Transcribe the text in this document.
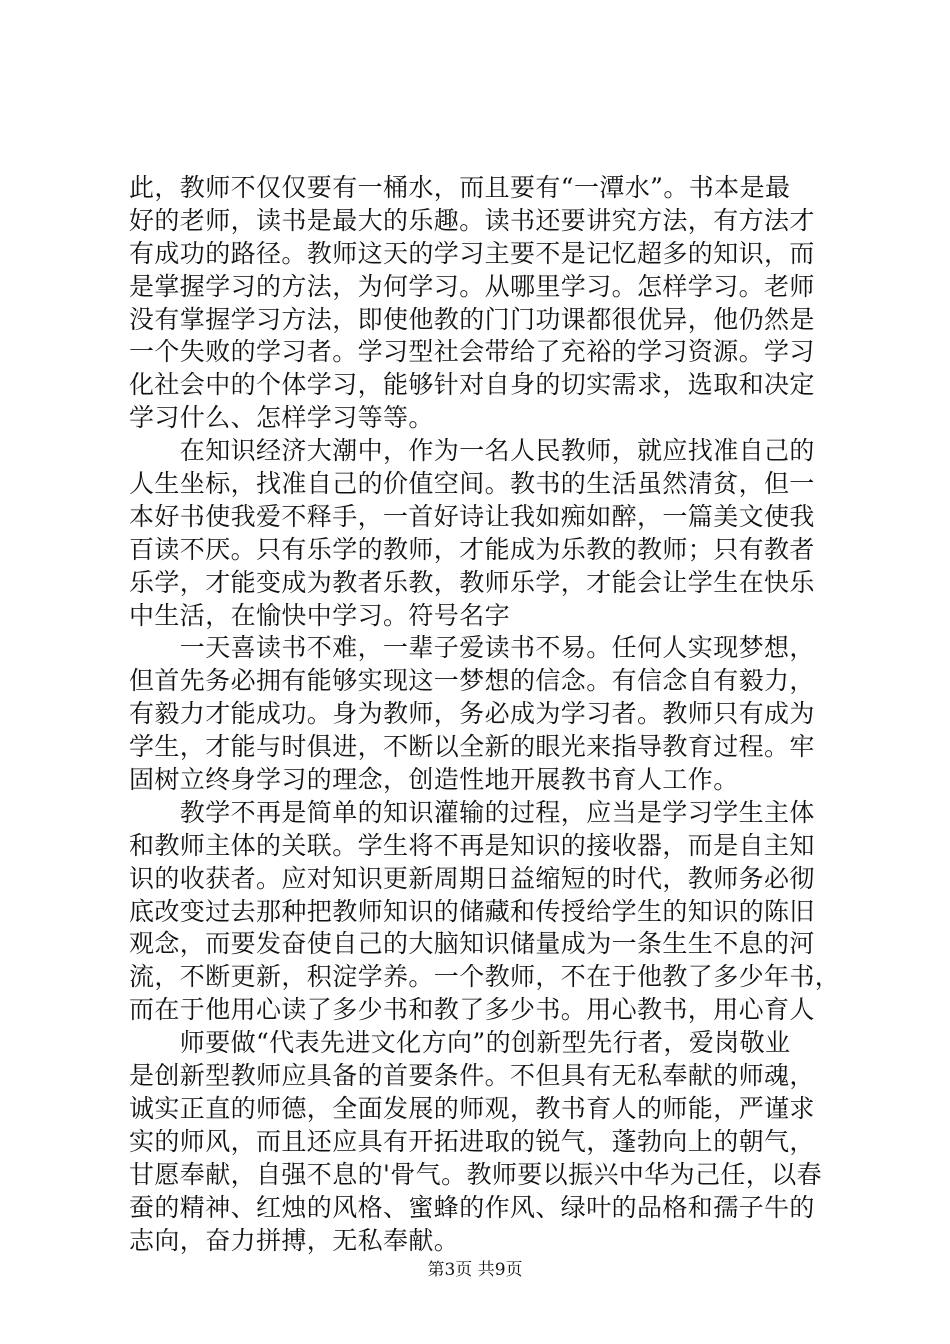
此，教师不仅仅要有一桶水，而且要有“一潭水”。书本是最
好的老师，读书是最大的乐趣。读书还要讲究方法，有方法才
有成功的路径。教师这天的学习主要不是记忆超多的知识，而
是掌握学习的方法，为何学习。从哪里学习。怎样学习。老师
没有掌握学习方法，即使他教的门门功课都很优异，他仍然是
一个失败的学习者。学习型社会带给了充裕的学习资源。学习
化社会中的个体学习，能够针对自身的切实需求，选取和决定
学习什么、怎样学习等等。
　　在知识经济大潮中，作为一名人民教师，就应找准自己的
人生坐标，找准自己的价值空间。教书的生活虽然清贫，但一
本好书使我爱不释手，一首好诗让我如痴如醉，一篇美文使我
百读不厌。只有乐学的教师，才能成为乐教的教师；只有教者
乐学，才能变成为教者乐教，教师乐学，才能会让学生在快乐
中生活，在愉快中学习。符号名字
　　一天喜读书不难，一辈子爱读书不易。任何人实现梦想，
但首先务必拥有能够实现这一梦想的信念。有信念自有毅力，
有毅力才能成功。身为教师，务必成为学习者。教师只有成为
学生，才能与时俱进，不断以全新的眼光来指导教育过程。牢
固树立终身学习的理念，创造性地开展教书育人工作。
　　教学不再是简单的知识灌输的过程，应当是学习学生主体
和教师主体的关联。学生将不再是知识的接收器，而是自主知
识的收获者。应对知识更新周期日益缩短的时代，教师务必彻
底改变过去那种把教师知识的储藏和传授给学生的知识的陈旧
观念，而要发奋使自己的大脑知识储量成为一条生生不息的河
流，不断更新，积淀学养。一个教师，不在于他教了多少年书，
而在于他用心读了多少书和教了多少书。用心教书，用心育人
　　师要做“代表先进文化方向”的创新型先行者，爱岗敬业
是创新型教师应具备的首要条件。不但具有无私奉献的师魂，
诚实正直的师德，全面发展的师观，教书育人的师能，严谨求
实的师风，而且还应具有开拓进取的锐气，蓬勃向上的朝气，
甘愿奉献，自强不息的'骨气。教师要以振兴中华为己任，以春
蚕的精神、红烛的风格、蜜蜂的作风、绿叶的品格和孺子牛的
志向，奋力拼搏，无私奉献。
第3页 共9页
